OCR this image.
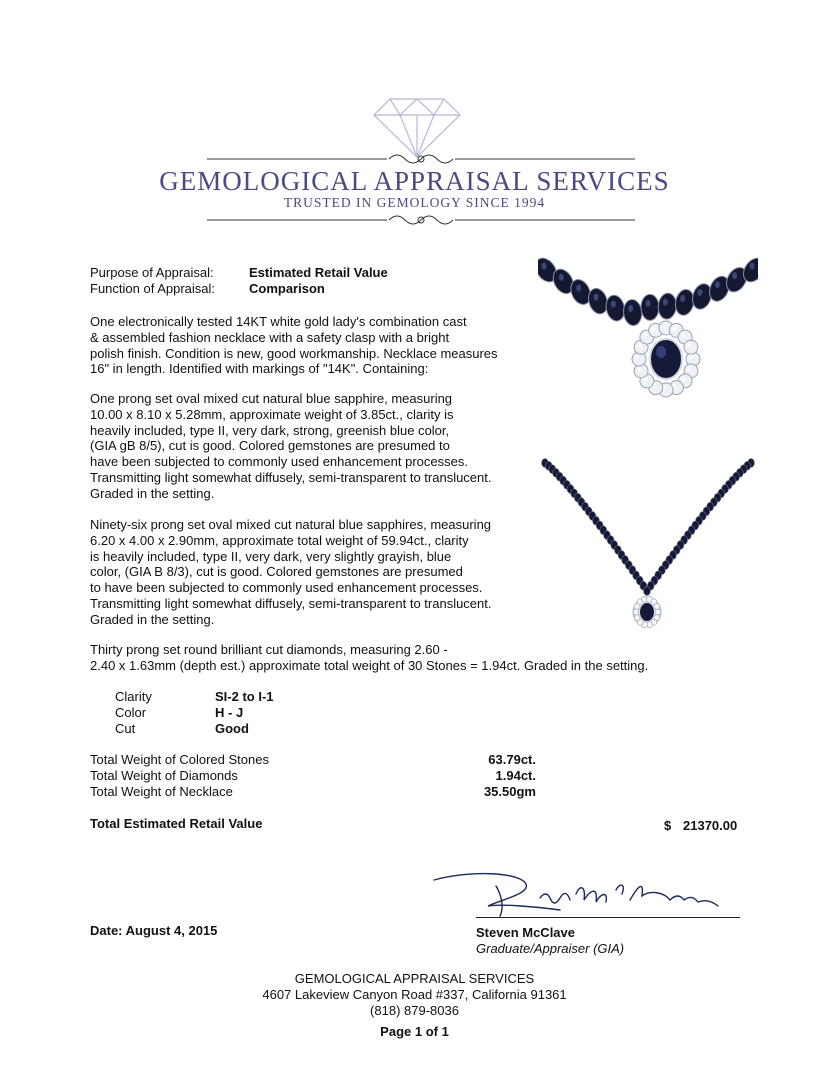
GEMOLOGICAL APPRAISAL SERVICES
TRUSTED IN GEMOLOGY SINCE 1994
Purpose of Appraisal:	Estimated Retail Value
Function of Appraisal:	Comparison
One electronically tested 14KT white gold lady's combination cast
& assembled fashion necklace with a safety clasp with a bright
polish finish. Condition is new, good workmanship. Necklace measures
16" in length. Identified with markings of "14K". Containing:
One prong set oval mixed cut natural blue sapphire, measuring
10.00 x 8.10 x 5.28mm, approximate weight of 3.85ct., clarity is
heavily included, type II, very dark, strong, greenish blue color,
(GIA gB 8/5), cut is good. Colored gemstones are presumed to
have been subjected to commonly used enhancement processes.
Transmitting light somewhat diffusely, semi-transparent to translucent.
Graded in the setting.
Ninety-six prong set oval mixed cut natural blue sapphires, measuring
6.20 x 4.00 x 2.90mm, approximate total weight of 59.94ct., clarity
is heavily included, type II, very dark, very slightly grayish, blue
color, (GIA B 8/3), cut is good. Colored gemstones are presumed
to have been subjected to commonly used enhancement processes.
Transmitting light somewhat diffusely, semi-transparent to translucent.
Graded in the setting.
Thirty prong set round brilliant cut diamonds, measuring 2.60 -
2.40 x 1.63mm (depth est.) approximate total weight of 30 Stones = 1.94ct. Graded in the setting.
Clarity	SI-2 to I-1
Color	H - J
Cut	Good
Total Weight of Colored Stones	63.79ct.
Total Weight of Diamonds	1.94ct.
Total Weight of Necklace	35.50gm
Total Estimated Retail Value	$ 21370.00
Date: August 4, 2015	Steven McClave
Graduate/Appraiser (GIA)
GEMOLOGICAL APPRAISAL SERVICES
4607 Lakeview Canyon Road #337, California 91361
(818) 879-8036
Page 1 of 1
